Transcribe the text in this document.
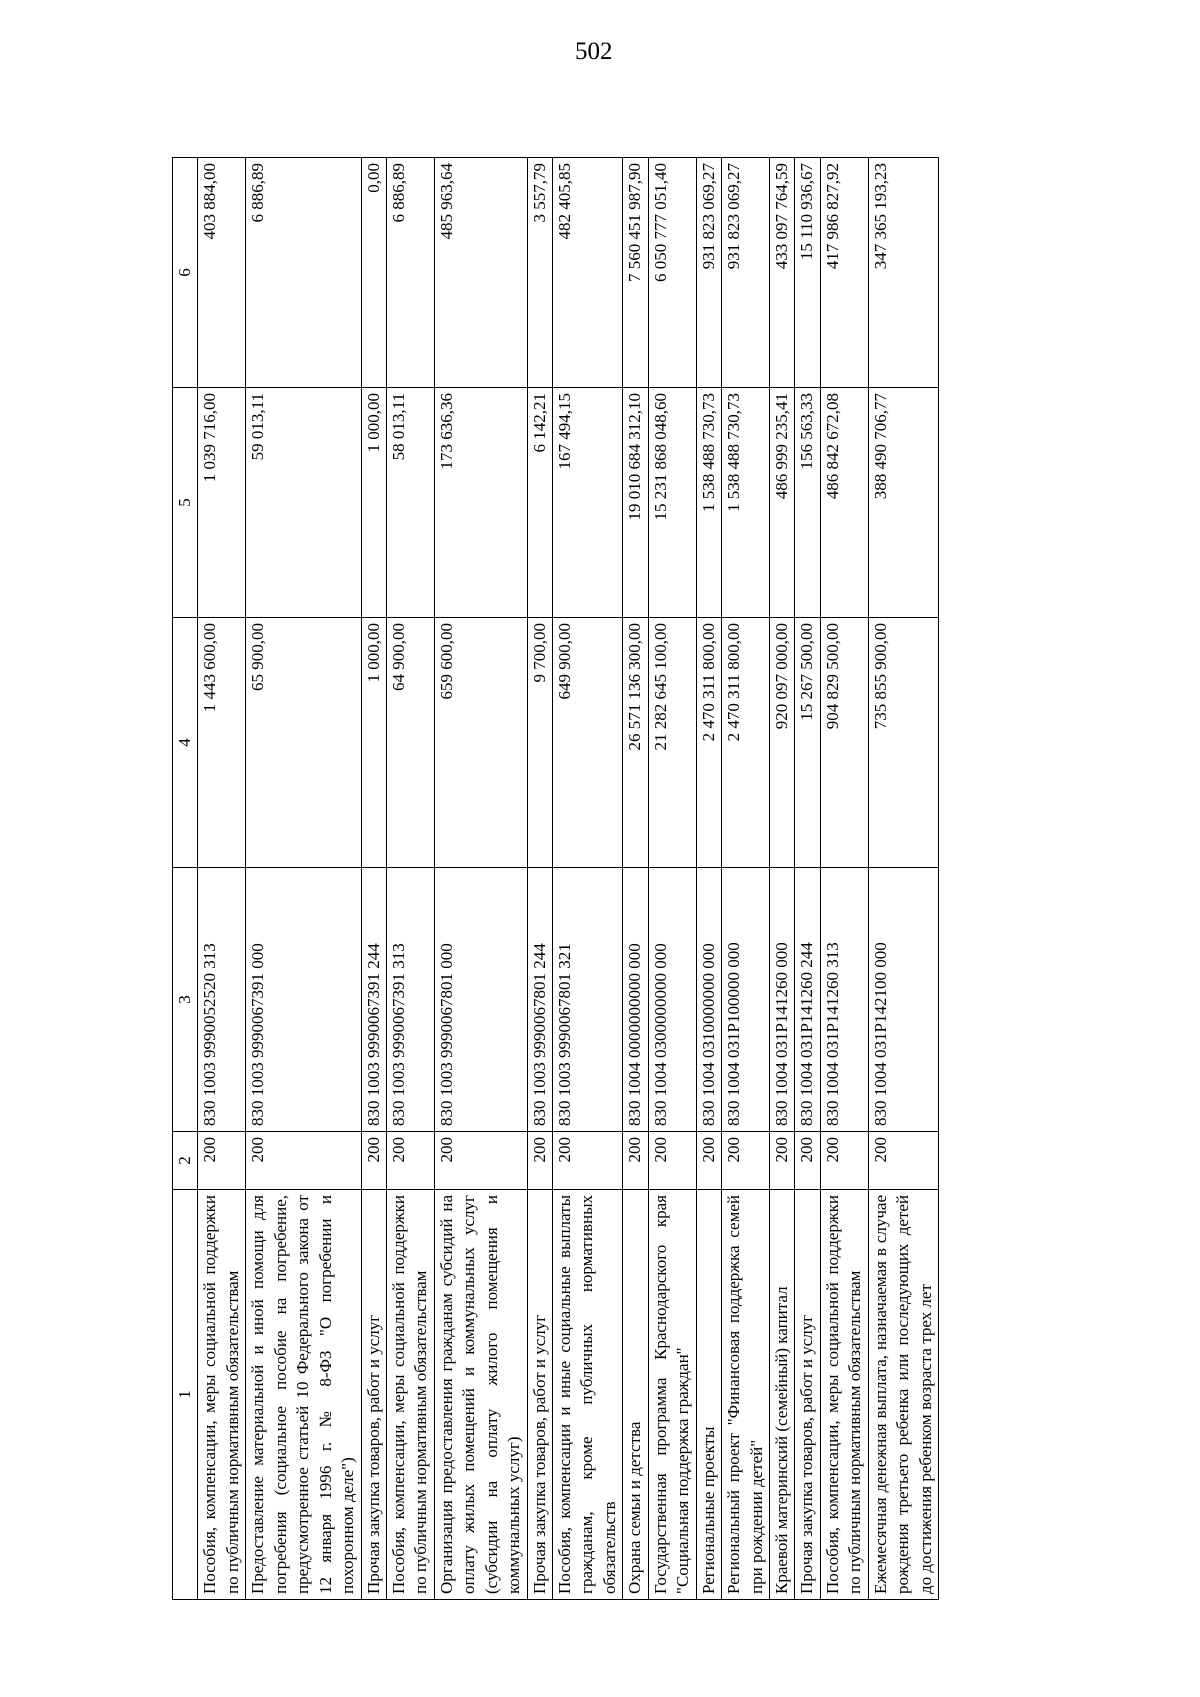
502
1	2	3	4	5	6
Пособия, компенсации, меры социальной поддержки по публичным нормативным обязательствам	200	830 1003 9990052520 313	1 443 600,00	1 039 716,00	403 884,00
Предоставление материальной и иной помощи для погребения (социальное пособие на погребение, предусмотренное статьей 10 Федерального закона от 12 января 1996 г. № 8-ФЗ "О погребении и похоронном деле")	200	830 1003 9990067391 000	65 900,00	59 013,11	6 886,89
Прочая закупка товаров, работ и услуг	200	830 1003 9990067391 244	1 000,00	1 000,00	0,00
Пособия, компенсации, меры социальной поддержки по публичным нормативным обязательствам	200	830 1003 9990067391 313	64 900,00	58 013,11	6 886,89
Организация предоставления гражданам субсидий на оплату жилых помещений и коммунальных услуг (субсидии на оплату жилого помещения и коммунальных услуг)	200	830 1003 9990067801 000	659 600,00	173 636,36	485 963,64
Прочая закупка товаров, работ и услуг	200	830 1003 9990067801 244	9 700,00	6 142,21	3 557,79
Пособия, компенсации и иные социальные выплаты гражданам, кроме публичных нормативных обязательств	200	830 1003 9990067801 321	649 900,00	167 494,15	482 405,85
Охрана семьи и детства	200	830 1004 0000000000 000	26 571 136 300,00	19 010 684 312,10	7 560 451 987,90
Государственная программа Краснодарского края "Социальная поддержка граждан"	200	830 1004 0300000000 000	21 282 645 100,00	15 231 868 048,60	6 050 777 051,40
Региональные проекты	200	830 1004 0310000000 000	2 470 311 800,00	1 538 488 730,73	931 823 069,27
Региональный проект "Финансовая поддержка семей при рождении детей"	200	830 1004 031P100000 000	2 470 311 800,00	1 538 488 730,73	931 823 069,27
Краевой материнский (семейный) капитал	200	830 1004 031P141260 000	920 097 000,00	486 999 235,41	433 097 764,59
Прочая закупка товаров, работ и услуг	200	830 1004 031P141260 244	15 267 500,00	156 563,33	15 110 936,67
Пособия, компенсации, меры социальной поддержки по публичным нормативным обязательствам	200	830 1004 031P141260 313	904 829 500,00	486 842 672,08	417 986 827,92
Ежемесячная денежная выплата, назначаемая в случае рождения третьего ребенка или последующих детей до достижения ребенком возраста трех лет	200	830 1004 031P142100 000	735 855 900,00	388 490 706,77	347 365 193,23
